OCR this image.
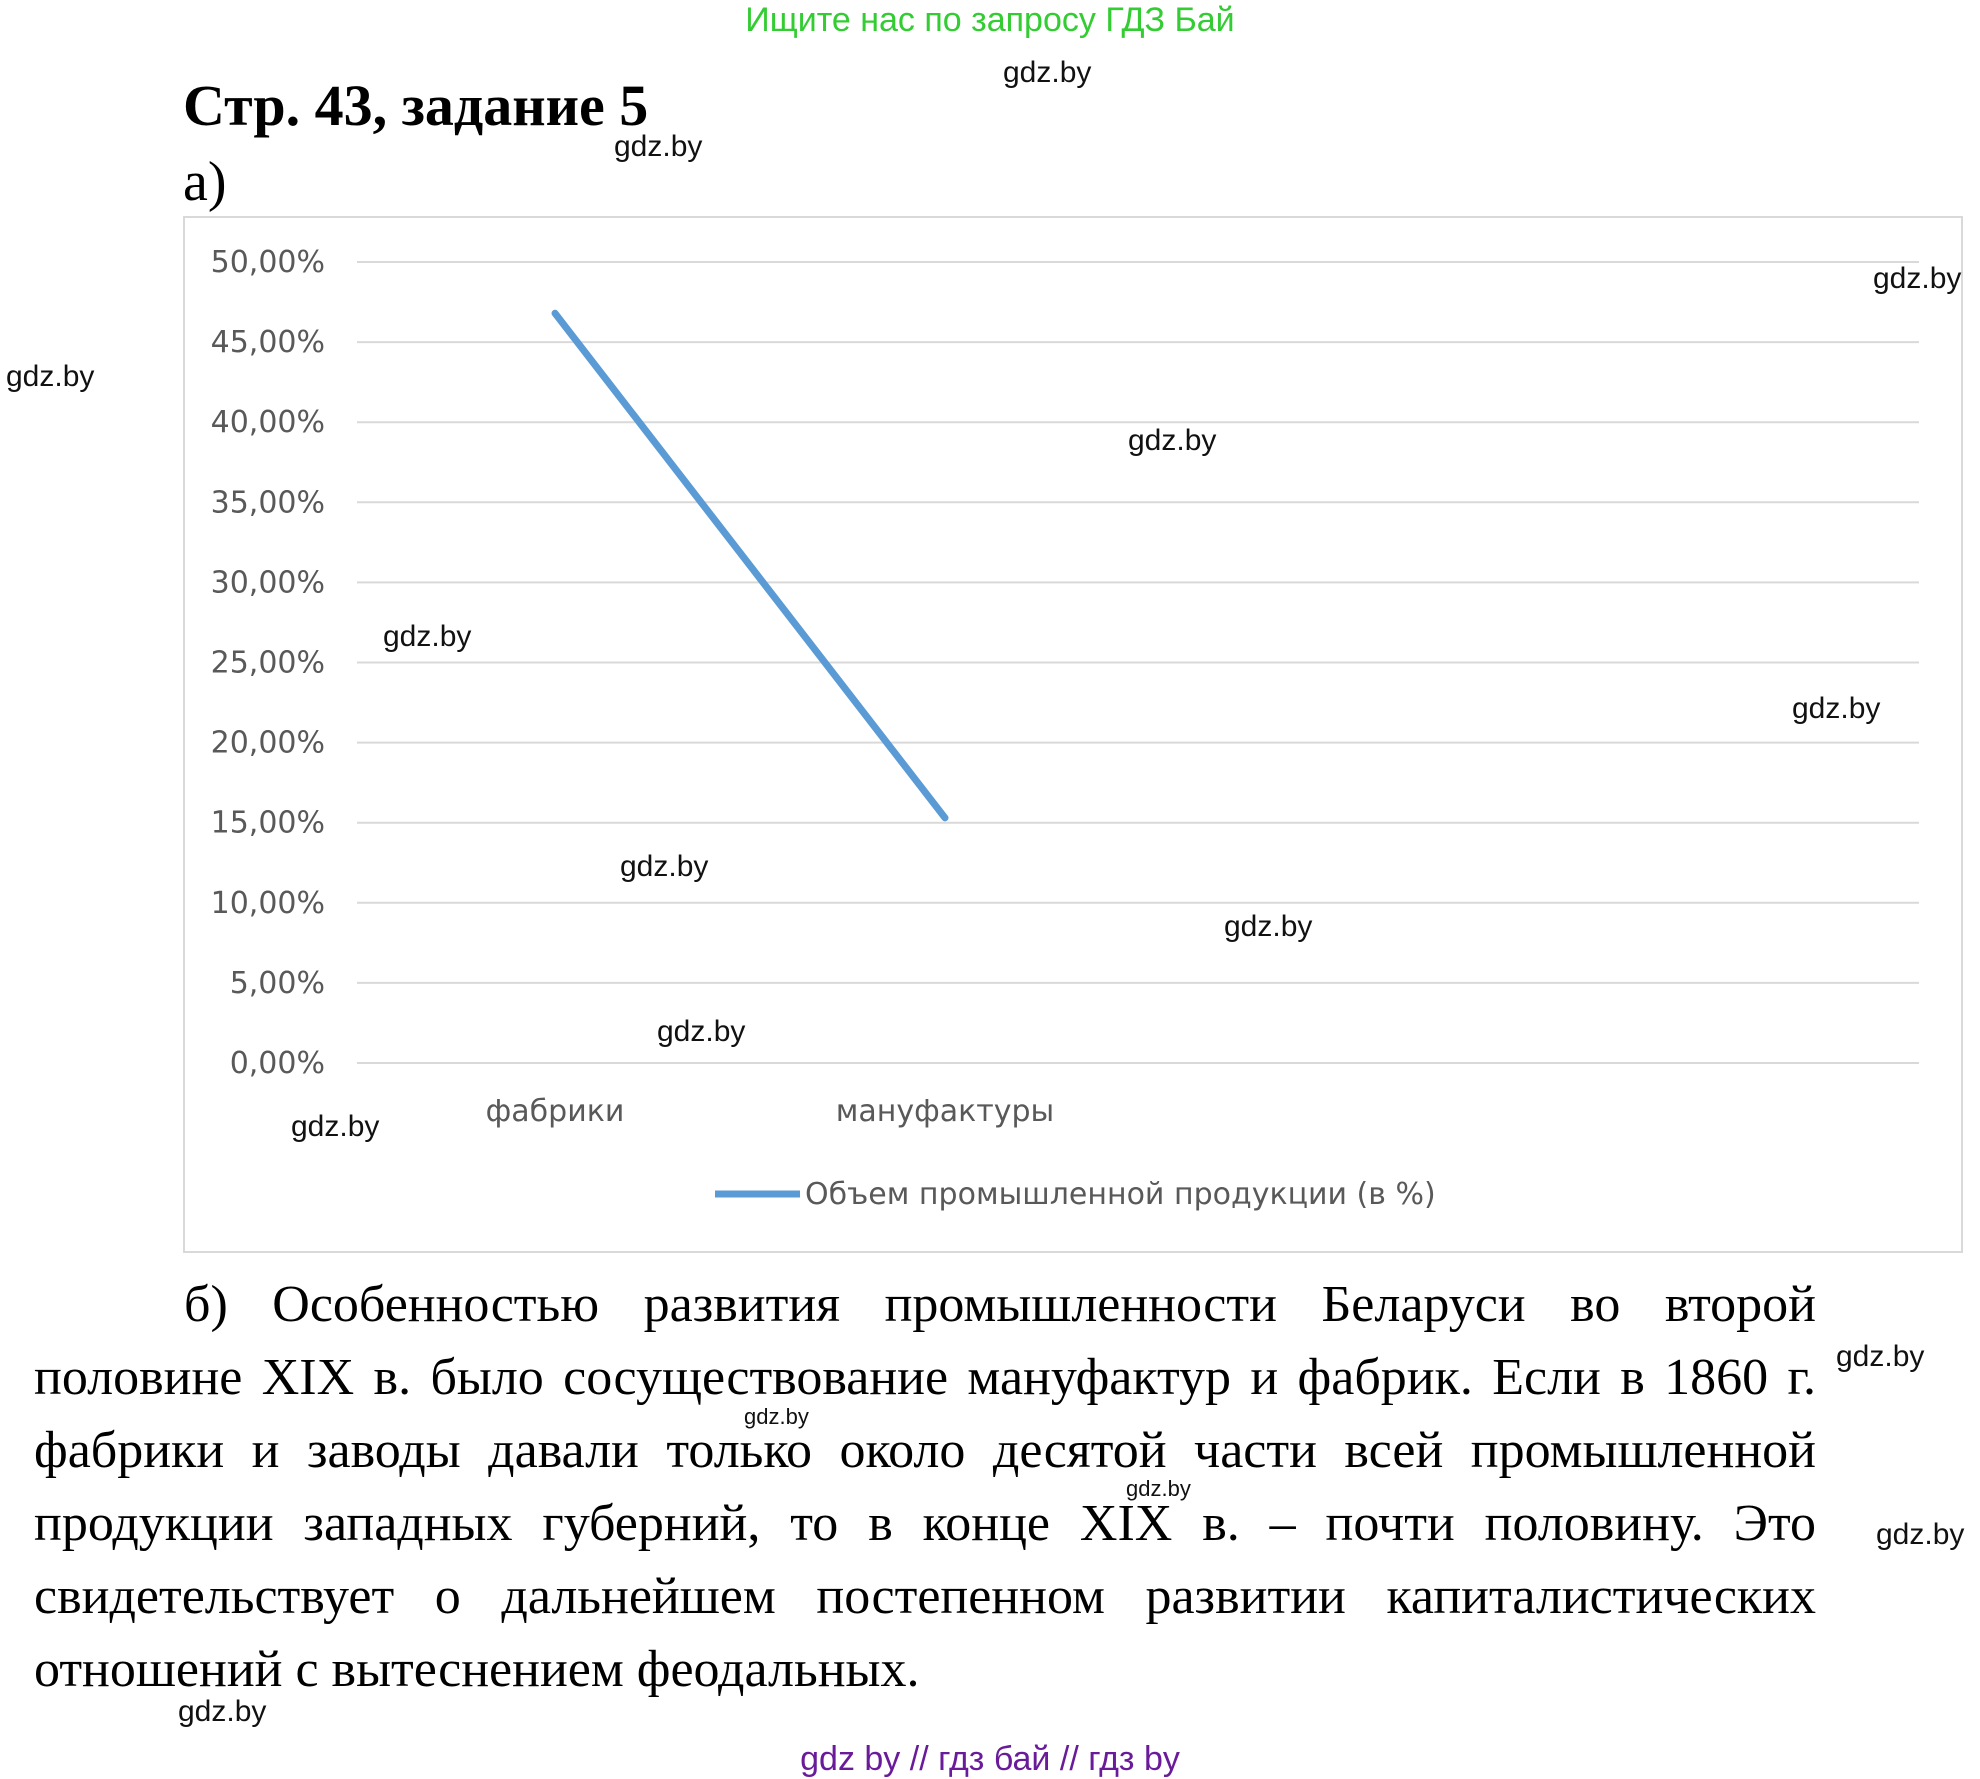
Ищите нас по запросу ГДЗ Бай
Стр. 43, задание 5
а)
0,00%
5,00%
10,00%
15,00%
20,00%
25,00%
30,00%
35,00%
40,00%
45,00%
50,00%
фабрики	мануфактуры
Объем промышленной продукции (в %)
б) Особенностью развития промышленности Беларуси во второй половине XIX в. было сосуществование мануфактур и фабрик. Если в 1860 г. фабрики и заводы давали только около десятой части всей промышленной продукции западных губерний, то в конце XIX в. – почти половину. Это свидетельствует о дальнейшем постепенном развитии капиталистических отношений с вытеснением феодальных.
gdz.by
gdz.by
gdz.by
gdz.by
gdz.by
gdz.by
gdz.by
gdz.by
gdz.by
gdz.by
gdz.by
gdz.by
gdz.by
gdz.by
gdz.by
gdz.by
gdz by // гдз бай // гдз by
